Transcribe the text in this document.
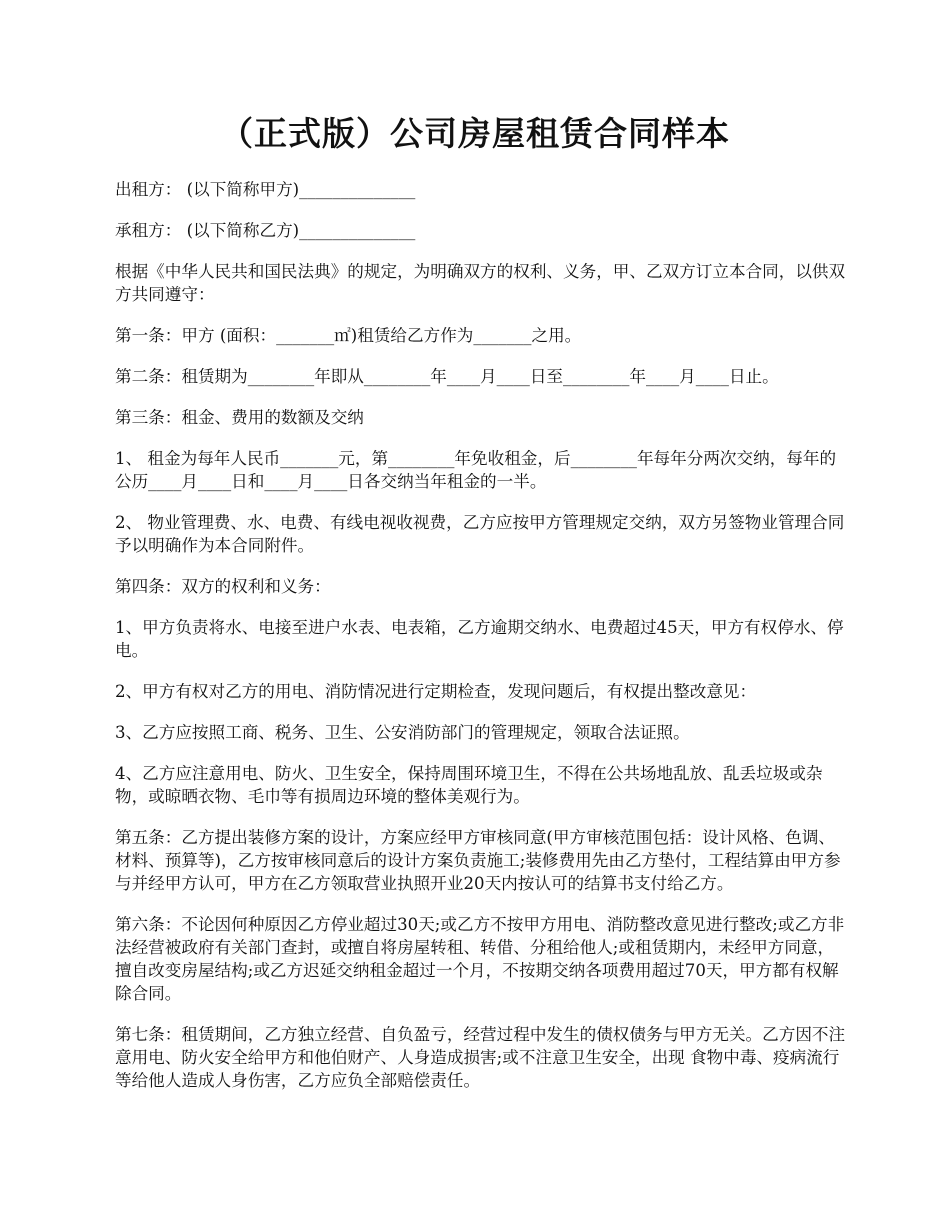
（正式版）公司房屋租赁合同样本

出租方： (以下简称甲方)______________

承租方： (以下简称乙方)______________

根据《中华人民共和国民法典》的规定，为明确双方的权利、义务，甲、乙双方订立本合同，以供双方共同遵守：

第一条：甲方 (面积：_______㎡)租赁给乙方作为_______之用。

第二条：租赁期为________年即从________年____月____日至________年____月____日止。

第三条：租金、费用的数额及交纳

1、 租金为每年人民币_______元，第________年免收租金，后________年每年分两次交纳，每年的公历____月____日和____月____日各交纳当年租金的一半。

2、 物业管理费、水、电费、有线电视收视费，乙方应按甲方管理规定交纳，双方另签物业管理合同予以明确作为本合同附件。

第四条：双方的权利和义务：

1、甲方负责将水、电接至进户水表、电表箱，乙方逾期交纳水、电费超过45天，甲方有权停水、停电。

2、甲方有权对乙方的用电、消防情况进行定期检查，发现问题后，有权提出整改意见：

3、乙方应按照工商、税务、卫生、公安消防部门的管理规定，领取合法证照。

4、乙方应注意用电、防火、卫生安全，保持周围环境卫生，不得在公共场地乱放、乱丢垃圾或杂物，或晾晒衣物、毛巾等有损周边环境的整体美观行为。

第五条：乙方提出装修方案的设计，方案应经甲方审核同意(甲方审核范围包括：设计风格、色调、材料、预算等)，乙方按审核同意后的设计方案负责施工;装修费用先由乙方垫付，工程结算由甲方参与并经甲方认可，甲方在乙方领取营业执照开业20天内按认可的结算书支付给乙方。

第六条：不论因何种原因乙方停业超过30天;或乙方不按甲方用电、消防整改意见进行整改;或乙方非法经营被政府有关部门查封，或擅自将房屋转租、转借、分租给他人;或租赁期内，未经甲方同意，擅自改变房屋结构;或乙方迟延交纳租金超过一个月，不按期交纳各项费用超过70天，甲方都有权解除合同。

第七条：租赁期间，乙方独立经营、自负盈亏，经营过程中发生的债权债务与甲方无关。乙方因不注意用电、防火安全给甲方和他伯财产、人身造成损害;或不注意卫生安全，出现 食物中毒、疫病流行等给他人造成人身伤害，乙方应负全部赔偿责任。
